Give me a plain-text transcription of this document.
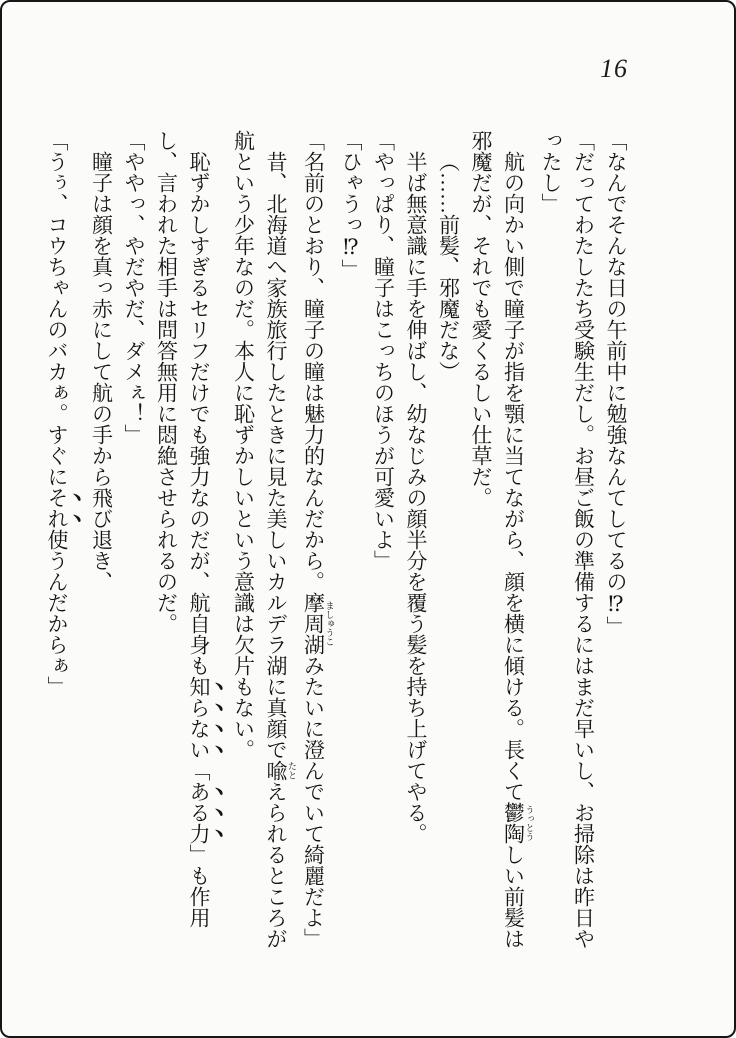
16

「なんでそんな日の午前中に勉強なんてしてるの⁉」

「だってわたしたち受験生だし。お昼ご飯の準備するにはまだ早いし、お掃除は昨日やったし」

航の向かい側で瞳子が指を顎に当てながら、顔を横に傾ける。長くて鬱陶 うっとうしい前髪は邪魔だが、それでも愛くるしい仕草だ。

（……前髪、邪魔だな）

半ば無意識に手を伸ばし、幼なじみの顔半分を覆う髪を持ち上げてやる。

「やっぱり、瞳子はこっちのほうが可愛いよ」

「ひゃうっ⁉」

「名前のとおり、瞳子の瞳は魅力的なんだから。摩周湖 ましゅうこみたいに澄んでいて綺麗だよ」

昔、北海道へ家族旅行したときに見た美しいカルデラ湖に真顔で喩 たとえられるところが航という少年なのだ。本人に恥ずかしいという意識は欠片もない。

恥ずかしすぎるセリフだけでも強力なのだが、航自身も知らない「ある力」も作用し、言われた相手は問答無用に悶絶させられるのだ。

「ややっ、やだやだ、ダメぇ！」

瞳子は顔を真っ赤にして航の手から飛び退き、

「うぅ、コウちゃんのバカぁ。すぐにそれ使うんだからぁ」
